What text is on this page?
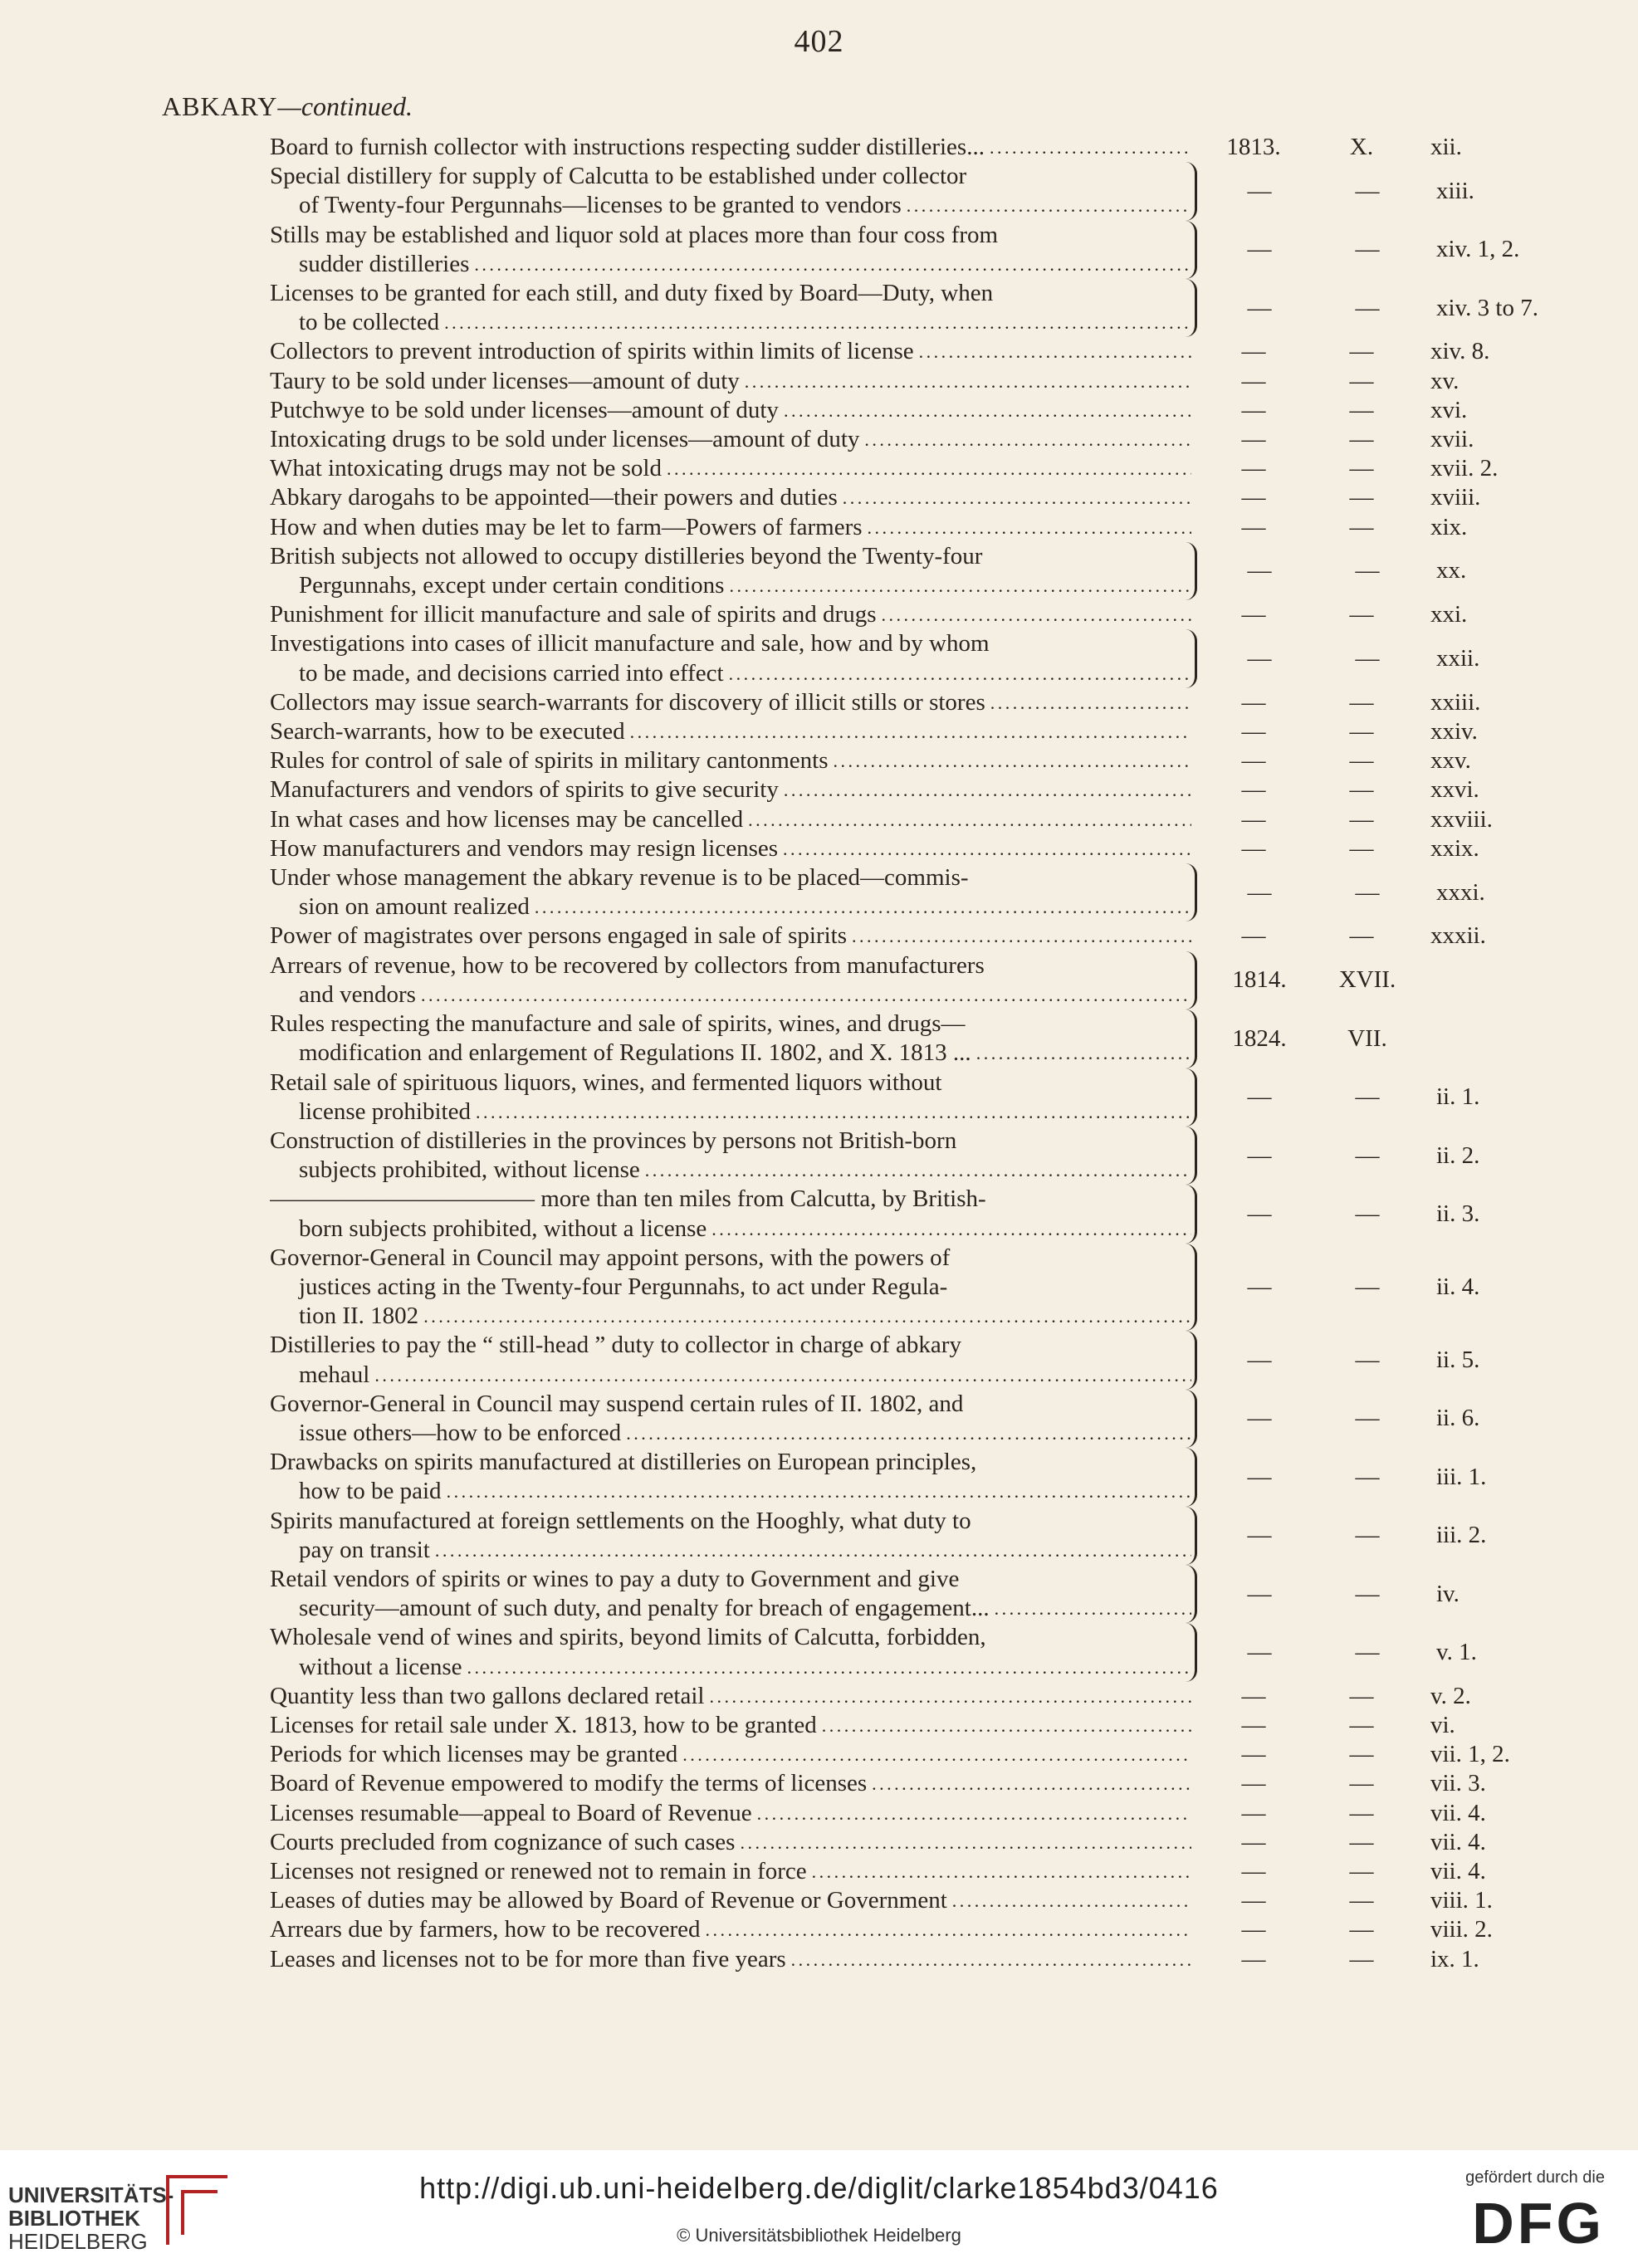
402
ABKARY—continued.
Board to furnish collector with instructions respecting sudder distilleries...
. . .	1813.	X.	xii.
Special distillery for supply of Calcutta to be established under collector
of Twenty-four Pergunnahs—licenses to be granted to vendors
. . .
—	—	xiii.
Stills may be established and liquor sold at places more than four coss from
sudder distilleries
. . .
—	—	xiv. 1, 2.
Licenses to be granted for each still, and duty fixed by Board—Duty, when
to be collected
. . .
—	—	xiv. 3 to 7.
Collectors to prevent introduction of spirits within limits of license
. . .	—	—	xiv. 8.
Taury to be sold under licenses—amount of duty
. . .	—	—	xv.
Putchwye to be sold under licenses—amount of duty
. . .	—	—	xvi.
Intoxicating drugs to be sold under licenses—amount of duty
. . .	—	—	xvii.
What intoxicating drugs may not be sold
. . .	—	—	xvii. 2.
Abkary darogahs to be appointed—their powers and duties
. . .	—	—	xviii.
How and when duties may be let to farm—Powers of farmers
. . .	—	—	xix.
British subjects not allowed to occupy distilleries beyond the Twenty-four
Pergunnahs, except under certain conditions
. . .
—	—	xx.
Punishment for illicit manufacture and sale of spirits and drugs
. . .	—	—	xxi.
Investigations into cases of illicit manufacture and sale, how and by whom
to be made, and decisions carried into effect
. . .
—	—	xxii.
Collectors may issue search-warrants for discovery of illicit stills or stores
. . .	—	—	xxiii.
Search-warrants, how to be executed
. . .	—	—	xxiv.
Rules for control of sale of spirits in military cantonments
. . .	—	—	xxv.
Manufacturers and vendors of spirits to give security
. . .	—	—	xxvi.
In what cases and how licenses may be cancelled
. . .	—	—	xxviii.
How manufacturers and vendors may resign licenses
. . .	—	—	xxix.
Under whose management the abkary revenue is to be placed—commis-
sion on amount realized
. . .
—	—	xxxi.
Power of magistrates over persons engaged in sale of spirits
. . .	—	—	xxxii.
Arrears of revenue, how to be recovered by collectors from manufacturers
and vendors
. . .
1814.	XVII.
Rules respecting the manufacture and sale of spirits, wines, and drugs—
modification and enlargement of Regulations II. 1802, and X. 1813 ...
. . .
1824.	VII.
Retail sale of spirituous liquors, wines, and fermented liquors without
license prohibited
. . .
—	—	ii. 1.
Construction of distilleries in the provinces by persons not British-born
subjects prohibited, without license
. . .
—	—	ii. 2.
——————————— more than ten miles from Calcutta, by British-
born subjects prohibited, without a license
. . .
—	—	ii. 3.
Governor-General in Council may appoint persons, with the powers of
justices acting in the Twenty-four Pergunnahs, to act under Regula-
tion II. 1802
. . .
—	—	ii. 4.
Distilleries to pay the “ still-head ” duty to collector in charge of abkary
mehaul
. . .
—	—	ii. 5.
Governor-General in Council may suspend certain rules of II. 1802, and
issue others—how to be enforced
. . .
—	—	ii. 6.
Drawbacks on spirits manufactured at distilleries on European principles,
how to be paid
. . .
—	—	iii. 1.
Spirits manufactured at foreign settlements on the Hooghly, what duty to
pay on transit
. . .
—	—	iii. 2.
Retail vendors of spirits or wines to pay a duty to Government and give
security—amount of such duty, and penalty for breach of engagement...
. . .
—	—	iv.
Wholesale vend of wines and spirits, beyond limits of Calcutta, forbidden,
without a license
. . .
—	—	v. 1.
Quantity less than two gallons declared retail
. . .	—	—	v. 2.
Licenses for retail sale under X. 1813, how to be granted
. . .	—	—	vi.
Periods for which licenses may be granted
. . .	—	—	vii. 1, 2.
Board of Revenue empowered to modify the terms of licenses
. . .	—	—	vii. 3.
Licenses resumable—appeal to Board of Revenue
. . .	—	—	vii. 4.
Courts precluded from cognizance of such cases
. . .	—	—	vii. 4.
Licenses not resigned or renewed not to remain in force
. . .	—	—	vii. 4.
Leases of duties may be allowed by Board of Revenue or Government
. . .	—	—	viii. 1.
Arrears due by farmers, how to be recovered
. . .	—	—	viii. 2.
Leases and licenses not to be for more than five years
. . .	—	—	ix. 1.
UNIVERSITÄTS-
BIBLIOTHEK
HEIDELBERG
http://digi.ub.uni-heidelberg.de/diglit/clarke1854bd3/0416
© Universitätsbibliothek Heidelberg
gefördert durch die
DFG
